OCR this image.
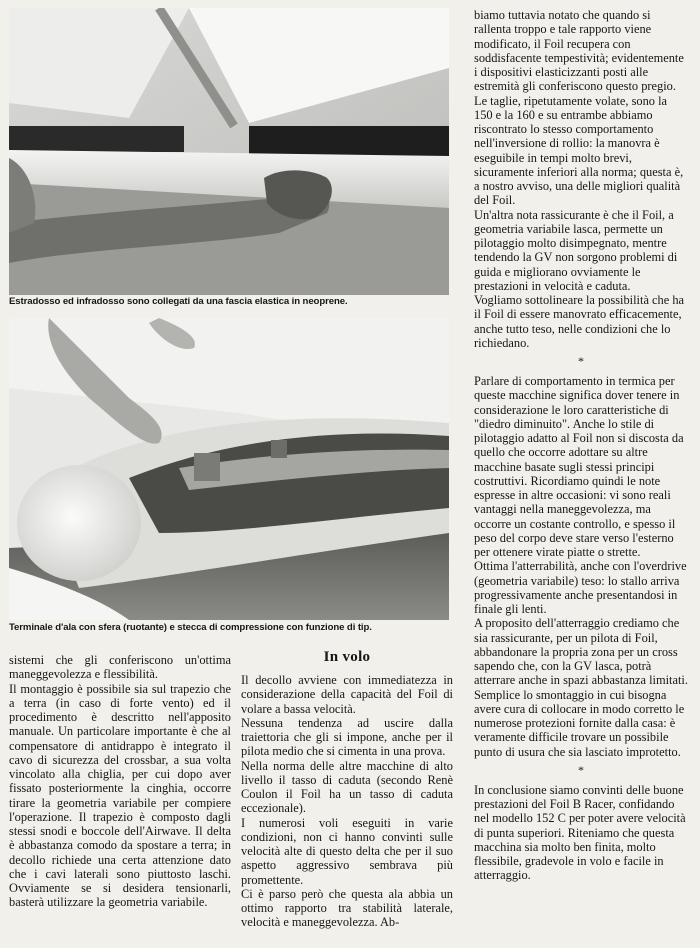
Estradosso ed infradosso sono collegati da una fascia elastica in neoprene.
Terminale d'ala con sfera (ruotante) e stecca di compressione con funzione di tip.

sistemi che gli conferiscono un'ottima maneggevolezza e flessibilità.

Il montaggio è possibile sia sul trapezio che a terra (in caso di forte vento) ed il procedimento è descritto nell'apposito manuale. Un particolare importante è che al compensatore di antidrappo è integrato il cavo di sicurezza del crossbar, a sua volta vincolato alla chiglia, per cui dopo aver fissato posteriormente la cinghia, occorre tirare la geometria variabile per compiere l'operazione. Il trapezio è composto dagli stessi snodi e boccole dell'Airwave. Il delta è abbastanza comodo da spostare a terra; in decollo richiede una certa attenzione dato che i cavi laterali sono piuttosto laschi. Ovviamente se si desidera tensionarli, basterà utilizzare la geometria variabile.

In volo

Il decollo avviene con immediatezza in considerazione della capacità del Foil di volare a bassa velocità.

Nessuna tendenza ad uscire dalla traiettoria che gli si impone, anche per il pilota medio che si cimenta in una prova.

Nella norma delle altre macchine di alto livello il tasso di caduta (secondo Renè Coulon il Foil ha un tasso di caduta eccezionale).

I numerosi voli eseguiti in varie condizioni, non ci hanno convinti sulle velocità alte di questo delta che per il suo aspetto aggressivo sembrava più promettente.

Ci è parso però che questa ala abbia un ottimo rapporto tra stabilità laterale, velocità e maneggevolezza. Ab-

biamo tuttavia notato che quando si rallenta troppo e tale rapporto viene modificato, il Foil recupera con soddisfacente tempestività; evidentemente i dispositivi elasticizzanti posti alle estremità gli conferiscono questo pregio.

Le taglie, ripetutamente volate, sono la 150 e la 160 e su entrambe abbiamo riscontrato lo stesso comportamento nell'inversione di rollio: la manovra è eseguibile in tempi molto brevi, sicuramente inferiori alla norma; questa è, a nostro avviso, una delle migliori qualità del Foil.

Un'altra nota rassicurante è che il Foil, a geometria variabile lasca, permette un pilotaggio molto disimpegnato, mentre tendendo la GV non sorgono problemi di guida e migliorano ovviamente le prestazioni in velocità e caduta.

Vogliamo sottolineare la possibilità che ha il Foil di essere manovrato efficacemente, anche tutto teso, nelle condizioni che lo richiedano.

*

Parlare di comportamento in termica per queste macchine significa dover tenere in considerazione le loro caratteristiche di "diedro diminuito". Anche lo stile di pilotaggio adatto al Foil non si discosta da quello che occorre adottare su altre macchine basate sugli stessi principi costruttivi. Ricordiamo quindi le note espresse in altre occasioni: vi sono reali vantaggi nella maneggevolezza, ma occorre un costante controllo, e spesso il peso del corpo deve stare verso l'esterno per ottenere virate piatte o strette.

Ottima l'atterrabilità, anche con l'overdrive (geometria variabile) teso: lo stallo arriva progressivamente anche presentandosi in finale gli lenti.

A proposito dell'atterraggio crediamo che sia rassicurante, per un pilota di Foil, abbandonare la propria zona per un cross sapendo che, con la GV lasca, potrà atterrare anche in spazi abbastanza limitati.

Semplice lo smontaggio in cui bisogna avere cura di collocare in modo corretto le numerose protezioni fornite dalla casa: è veramente difficile trovare un possibile punto di usura che sia lasciato improtetto.

*

In conclusione siamo convinti delle buone prestazioni del Foil B Racer, confidando nel modello 152 C per poter avere velocità di punta superiori. Riteniamo che questa macchina sia molto ben finita, molto flessibile, gradevole in volo e facile in atterraggio.
